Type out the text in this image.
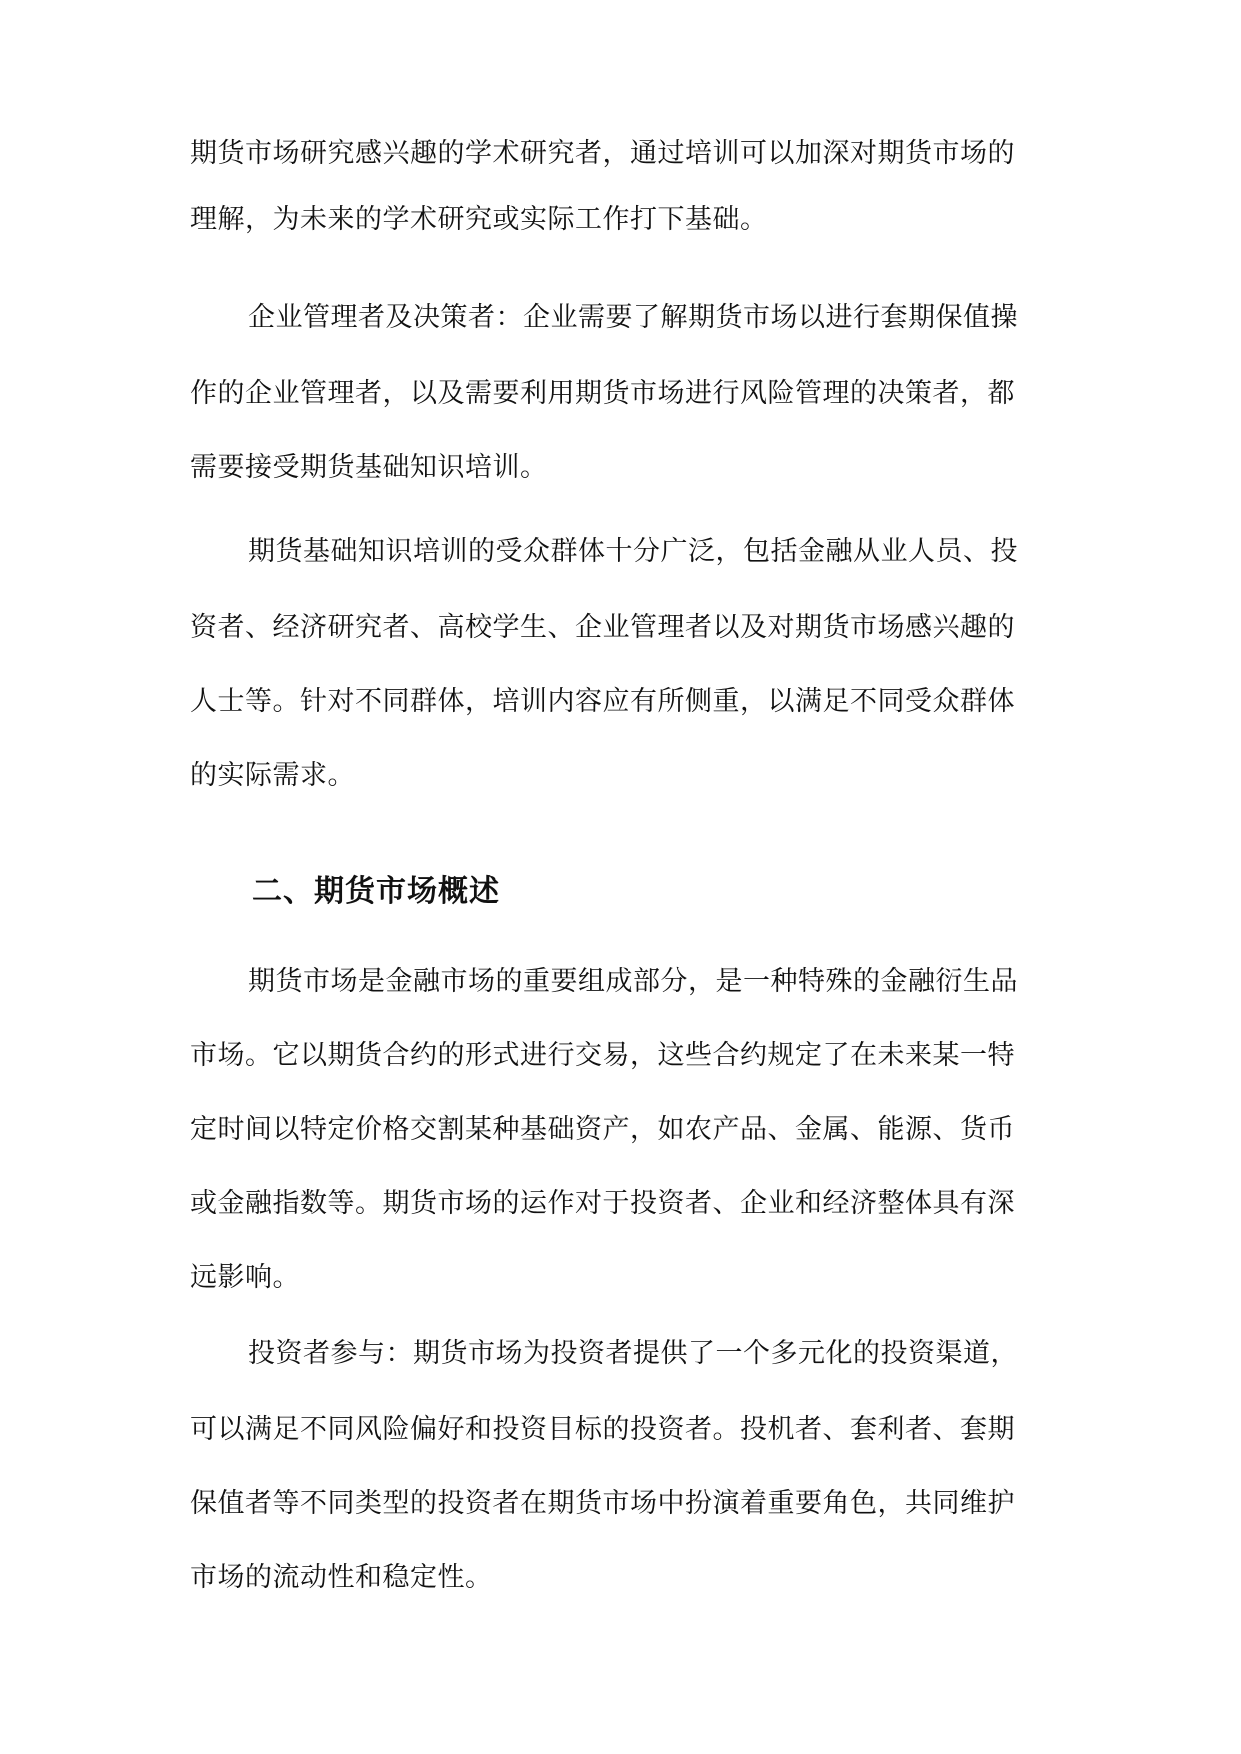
期货市场研究感兴趣的学术研究者，通过培训可以加深对期货市场的

理解，为未来的学术研究或实际工作打下基础。

企业管理者及决策者：企业需要了解期货市场以进行套期保值操

作的企业管理者，以及需要利用期货市场进行风险管理的决策者，都

需要接受期货基础知识培训。

期货基础知识培训的受众群体十分广泛，包括金融从业人员、投

资者、经济研究者、高校学生、企业管理者以及对期货市场感兴趣的

人士等。针对不同群体，培训内容应有所侧重，以满足不同受众群体

的实际需求。

二、期货市场概述

期货市场是金融市场的重要组成部分，是一种特殊的金融衍生品

市场。它以期货合约的形式进行交易，这些合约规定了在未来某一特

定时间以特定价格交割某种基础资产，如农产品、金属、能源、货币

或金融指数等。期货市场的运作对于投资者、企业和经济整体具有深

远影响。

投资者参与：期货市场为投资者提供了一个多元化的投资渠道，

可以满足不同风险偏好和投资目标的投资者。投机者、套利者、套期

保值者等不同类型的投资者在期货市场中扮演着重要角色，共同维护

市场的流动性和稳定性。
